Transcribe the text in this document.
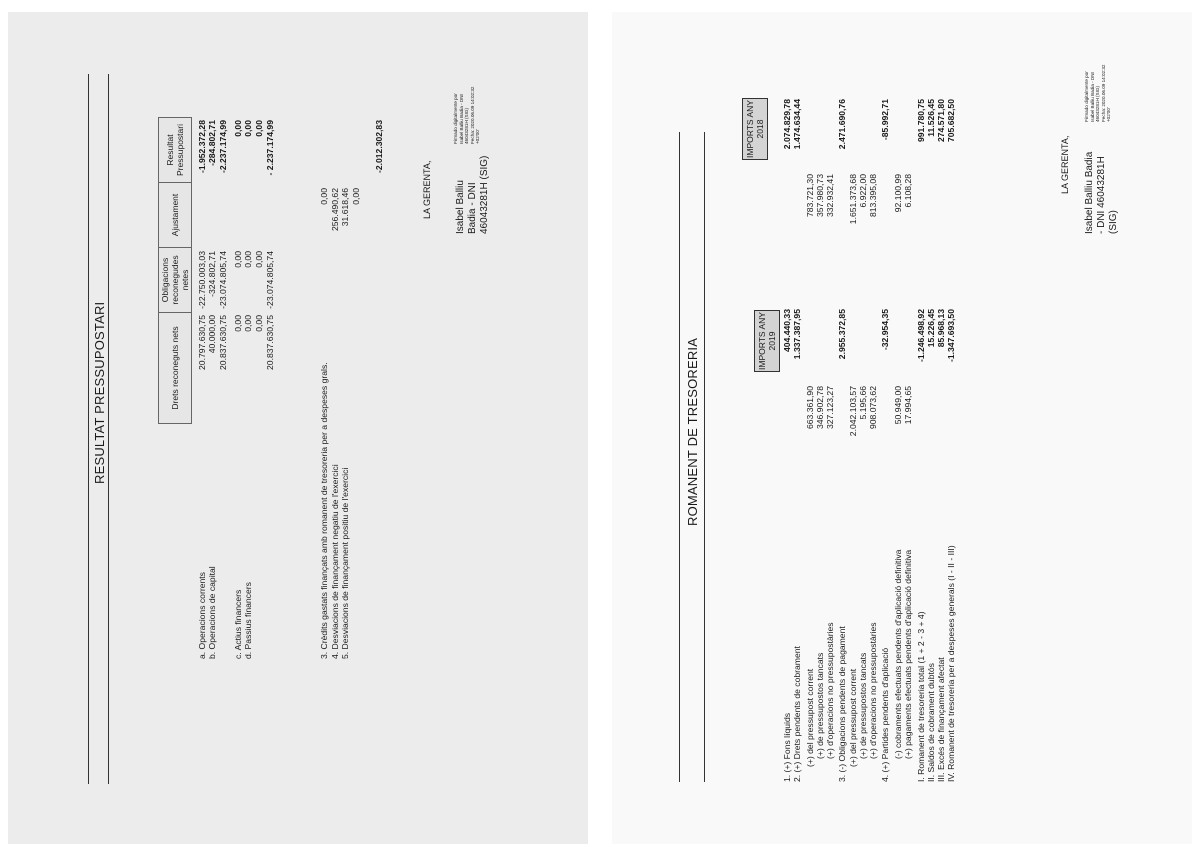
RESULTAT PRESSUPOSTARI	Drets reconeguts nets
Obligacions reconegudes netes
Ajustament
Resultat Pressupostari
a. Operacions corrents
20.797.630,75
-22.750.003,03
-1.952.372,28
b. Operacions de capital
40.000,00
-324.802,71
-284.802,71
20.837.630,75
-23.074.805,74
-2.237.174,99
c. Actius financers
0,00
0,00
0,00
d. Passius financers
0,00
0,00
0,00
0,00
0,00
0,00
20.837.630,75
-23.074.805,74
- 2.237.174,99
3. Crèdits gastats finançats amb romanent de tresoreria per a despeses grals.
0,00
4. Desviacions de finançament negatiu de l'exercici
256.490,62
5. Desviacions de finançament positiu de l'exercici
31.618,46 0,00
-2.012.302,83
LA GERENTA, Isabel Balliu Badia - DNI 46043281H (SIG)
Firmado digitalmente por Isabel Balliu Badia - DNI 46043281H (SIG) Fecha: 2020.06.09 14:02:32 +02'00'
ROMANENT DE TRESORERIA	IMPORTS ANY 2019
IMPORTS ANY 2018
1. (+) Fons líquids
404.440,33
2.074.829,78
2. (+) Drets pendents de cobrament
1.337.387,95
1.474.634,44
(+) del pressupost corrent
663.361,90
783.721,30
(+) de pressupostos tancats
346.902,78
357.980,73
(+) d'operacions no pressupostàries
327.123,27
332.932,41
3. (-) Obligacions pendents de pagament
2.955.372,85
2.471.690,76
(+) del pressupost corrent
2.042.103,57
1.651.373,68
(+) de pressupostos tancats
5.195,66
6.922,00
(+) d'operacions no pressupostàries
908.073,62
813.395,08
4. (+) Partides pendents d'aplicació
-32.954,35
-85.992,71
(-) cobraments efectuats pendents d'aplicació definitiva
50.949,00
92.100,99
(+) pagaments efectuats pendents d'aplicació definitiva
17.994,65
6.108,28
I. Romanent de tresoreria total (1 + 2 - 3 + 4)
-1.246.498,92
991.780,75
II. Saldos de cobrament dubtós
15.226,45
11.526,45
III. Excés de finançament afectat
85.968,13
274.571,80
IV. Romanent de tresoreria per a despeses generals (I - II - III)
-1.347.693,50
705.682,50
LA GERENTA, Isabel Balliu Badia - DNI 46043281H (SIG)
Firmado digitalmente por Isabel Balliu Badia - DNI 46043281H (SIG) Fecha: 2020.06.09 14:02:32 +02'00'
